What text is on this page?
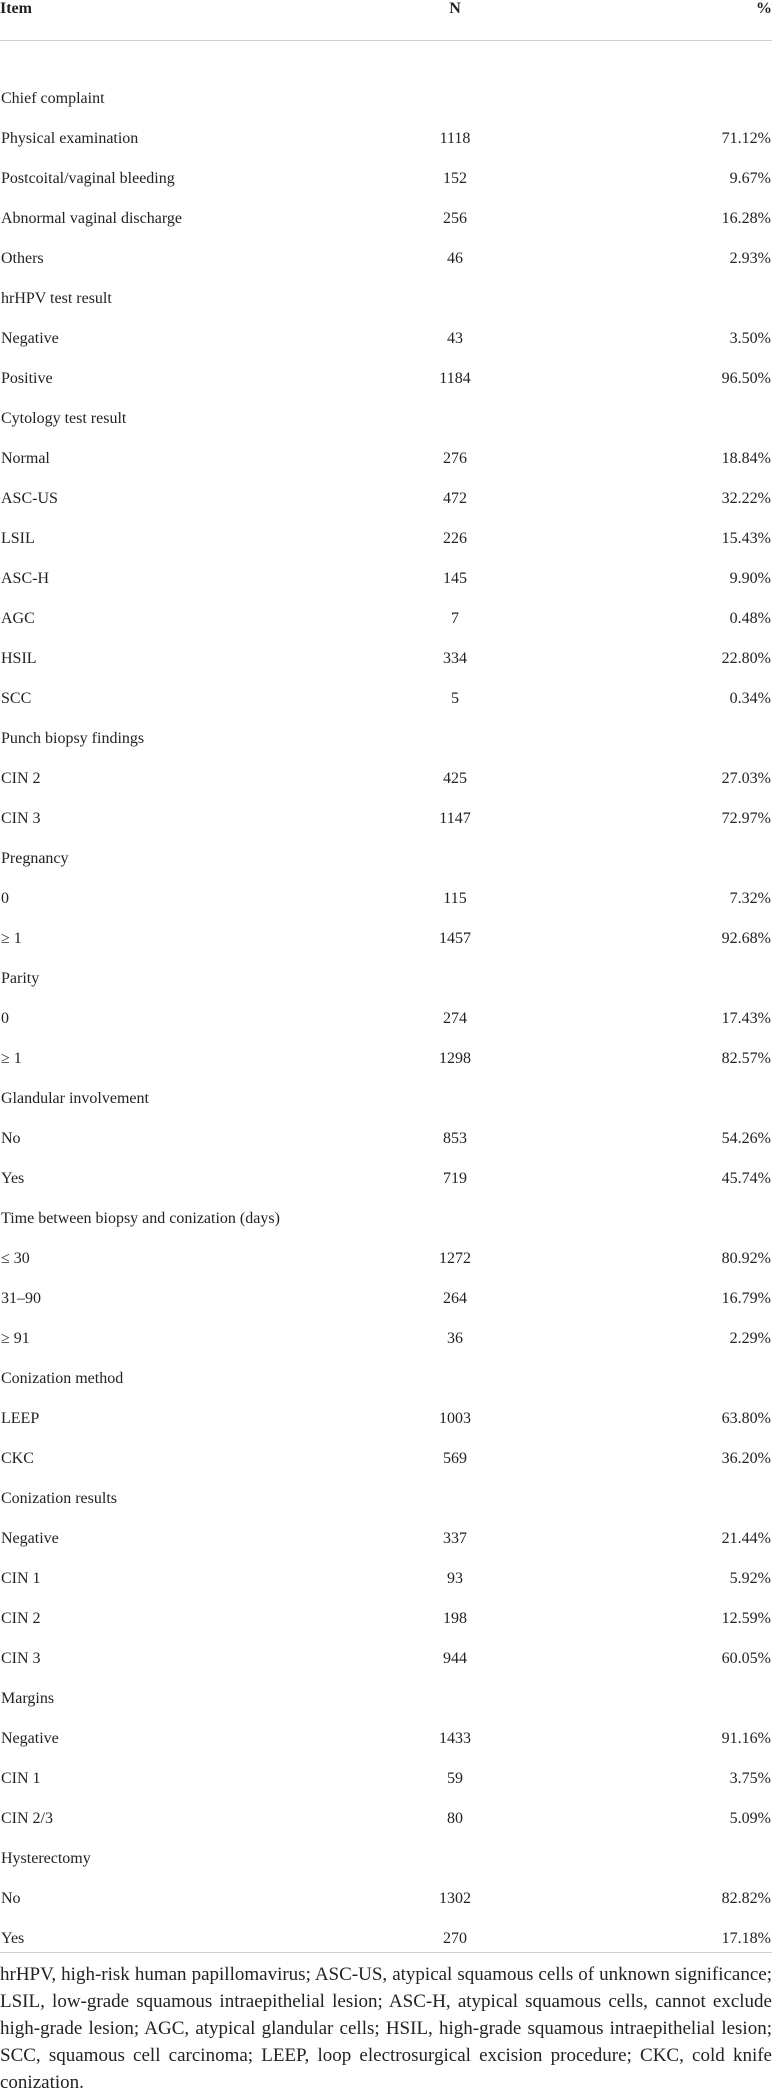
Item	N	%

Chief complaint		
Physical examination	1118	71.12%
Postcoital/vaginal bleeding	152	9.67%
Abnormal vaginal discharge	256	16.28%
Others	46	2.93%
hrHPV test result		
Negative	43	3.50%
Positive	1184	96.50%
Cytology test result		
Normal	276	18.84%
ASC-US	472	32.22%
LSIL	226	15.43%
ASC-H	145	9.90%
AGC	7	0.48%
HSIL	334	22.80%
SCC	5	0.34%
Punch biopsy findings		
CIN 2	425	27.03%
CIN 3	1147	72.97%
Pregnancy		
0	115	7.32%
≥ 1	1457	92.68%
Parity		
0	274	17.43%
≥ 1	1298	82.57%
Glandular involvement		
No	853	54.26%
Yes	719	45.74%
Time between biopsy and conization (days)		
≤ 30	1272	80.92%
31–90	264	16.79%
≥ 91	36	2.29%
Conization method		
LEEP	1003	63.80%
CKC	569	36.20%
Conization results		
Negative	337	21.44%
CIN 1	93	5.92%
CIN 2	198	12.59%
CIN 3	944	60.05%
Margins		
Negative	1433	91.16%
CIN 1	59	3.75%
CIN 2/3	80	5.09%
Hysterectomy		
No	1302	82.82%
Yes	270	17.18%
hrHPV, high-risk human papillomavirus; ASC-US, atypical squamous cells of unknown significance; LSIL, low-grade squamous intraepithelial lesion; ASC-H, atypical squamous cells, cannot exclude high-grade lesion; AGC, atypical glandular cells; HSIL, high-grade squamous intraepithelial lesion; SCC, squamous cell carcinoma; LEEP, loop electrosurgical excision procedure; CKC, cold knife conization.
